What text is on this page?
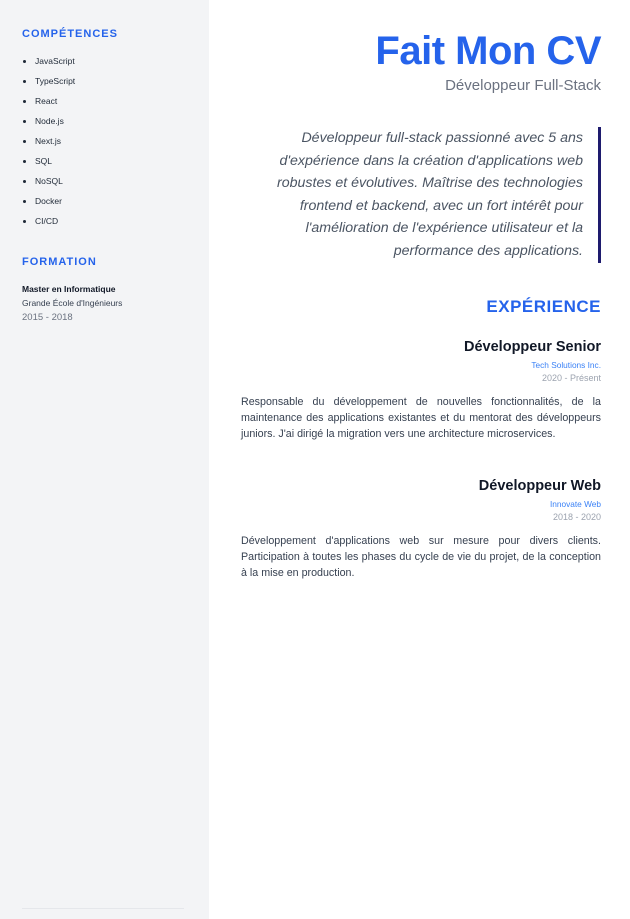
COMPÉTENCES
JavaScript
TypeScript
React
Node.js
Next.js
SQL
NoSQL
Docker
CI/CD
FORMATION
Master en Informatique
Grande École d'Ingénieurs
2015 - 2018
Fait Mon CV
Développeur Full-Stack

Développeur full-stack passionné avec 5 ans d'expérience dans la création d'applications web robustes et évolutives. Maîtrise des technologies frontend et backend, avec un fort intérêt pour l'amélioration de l'expérience utilisateur et la performance des applications.

EXPÉRIENCE
Développeur Senior
Tech Solutions Inc.
2020 - Présent

Responsable du développement de nouvelles fonctionnalités, de la maintenance des applications existantes et du mentorat des développeurs juniors. J'ai dirigé la migration vers une architecture microservices.

Développeur Web
Innovate Web
2018 - 2020

Développement d'applications web sur mesure pour divers clients. Participation à toutes les phases du cycle de vie du projet, de la conception à la mise en production.
